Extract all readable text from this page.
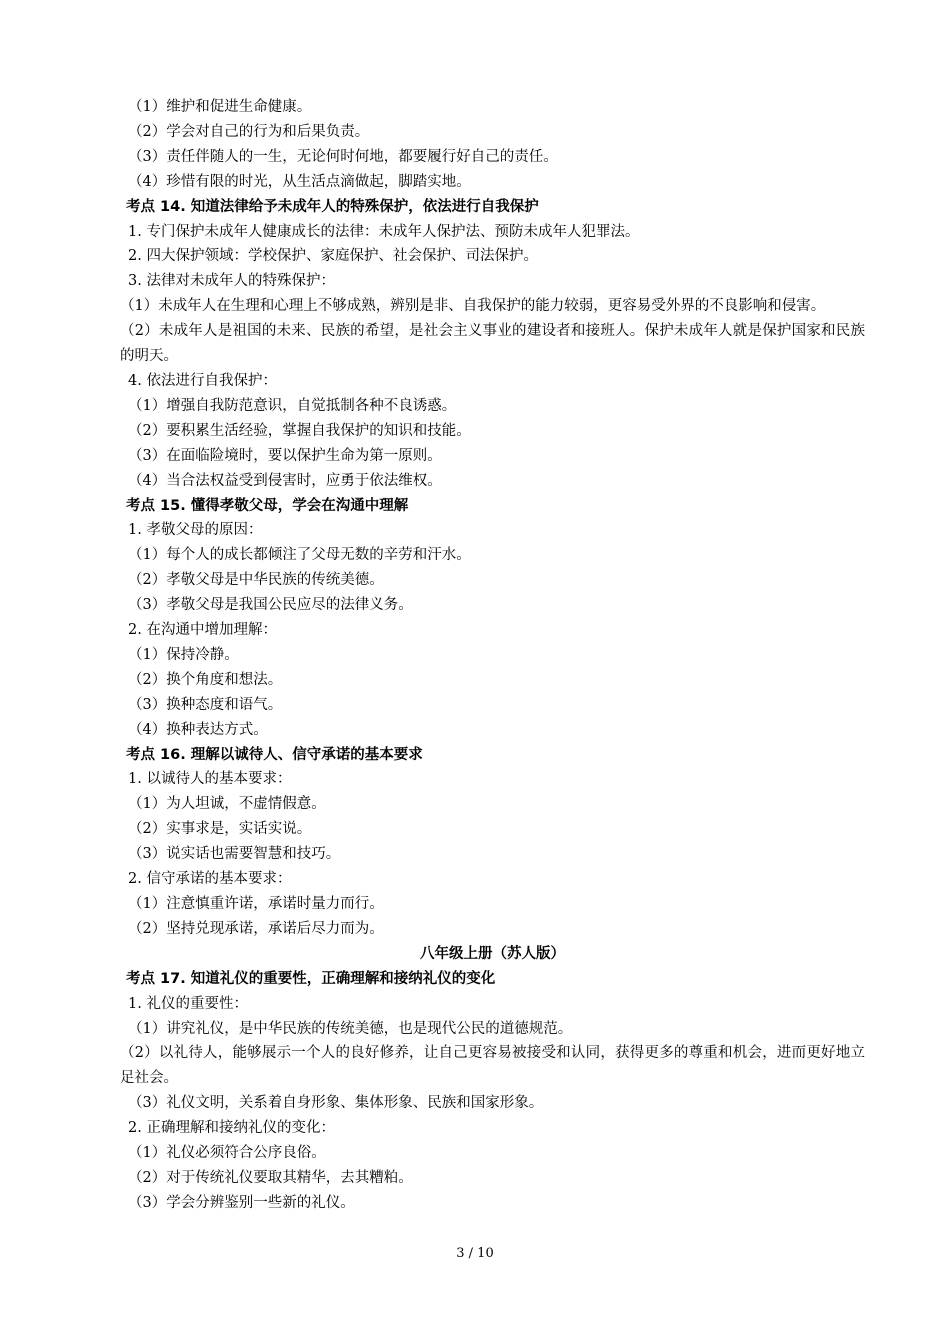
（1）维护和促进生命健康。
（2）学会对自己的行为和后果负责。
（3）责任伴随人的一生，无论何时何地，都要履行好自己的责任。
（4）珍惜有限的时光，从生活点滴做起，脚踏实地。
考点 14. 知道法律给予未成年人的特殊保护，依法进行自我保护
1. 专门保护未成年人健康成长的法律：未成年人保护法、预防未成年人犯罪法。
2. 四大保护领域：学校保护、家庭保护、社会保护、司法保护。
3. 法律对未成年人的特殊保护：
（1）未成年人在生理和心理上不够成熟，辨别是非、自我保护的能力较弱，更容易受外界的不良影响和侵害。
（2）未成年人是祖国的未来、民族的希望，是社会主义事业的建设者和接班人。保护未成年人就是保护国家和民族的明天。
4. 依法进行自我保护：
（1）增强自我防范意识，自觉抵制各种不良诱惑。
（2）要积累生活经验，掌握自我保护的知识和技能。
（3）在面临险境时，要以保护生命为第一原则。
（4）当合法权益受到侵害时，应勇于依法维权。
考点 15. 懂得孝敬父母，学会在沟通中理解
1. 孝敬父母的原因：
（1）每个人的成长都倾注了父母无数的辛劳和汗水。
（2）孝敬父母是中华民族的传统美德。
（3）孝敬父母是我国公民应尽的法律义务。
2. 在沟通中增加理解：
（1）保持冷静。
（2）换个角度和想法。
（3）换种态度和语气。
（4）换种表达方式。
考点 16. 理解以诚待人、信守承诺的基本要求
1. 以诚待人的基本要求：
（1）为人坦诚，不虚情假意。
（2）实事求是，实话实说。
（3）说实话也需要智慧和技巧。
2. 信守承诺的基本要求：
（1）注意慎重许诺，承诺时量力而行。
（2）坚持兑现承诺，承诺后尽力而为。
八年级上册（苏人版）
考点 17. 知道礼仪的重要性，正确理解和接纳礼仪的变化
1. 礼仪的重要性：
（1）讲究礼仪，是中华民族的传统美德，也是现代公民的道德规范。
（2）以礼待人，能够展示一个人的良好修养，让自己更容易被接受和认同，获得更多的尊重和机会，进而更好地立足社会。
（3）礼仪文明，关系着自身形象、集体形象、民族和国家形象。
2. 正确理解和接纳礼仪的变化：
（1）礼仪必须符合公序良俗。
（2）对于传统礼仪要取其精华，去其糟粕。
（3）学会分辨鉴别一些新的礼仪。
3 / 10
